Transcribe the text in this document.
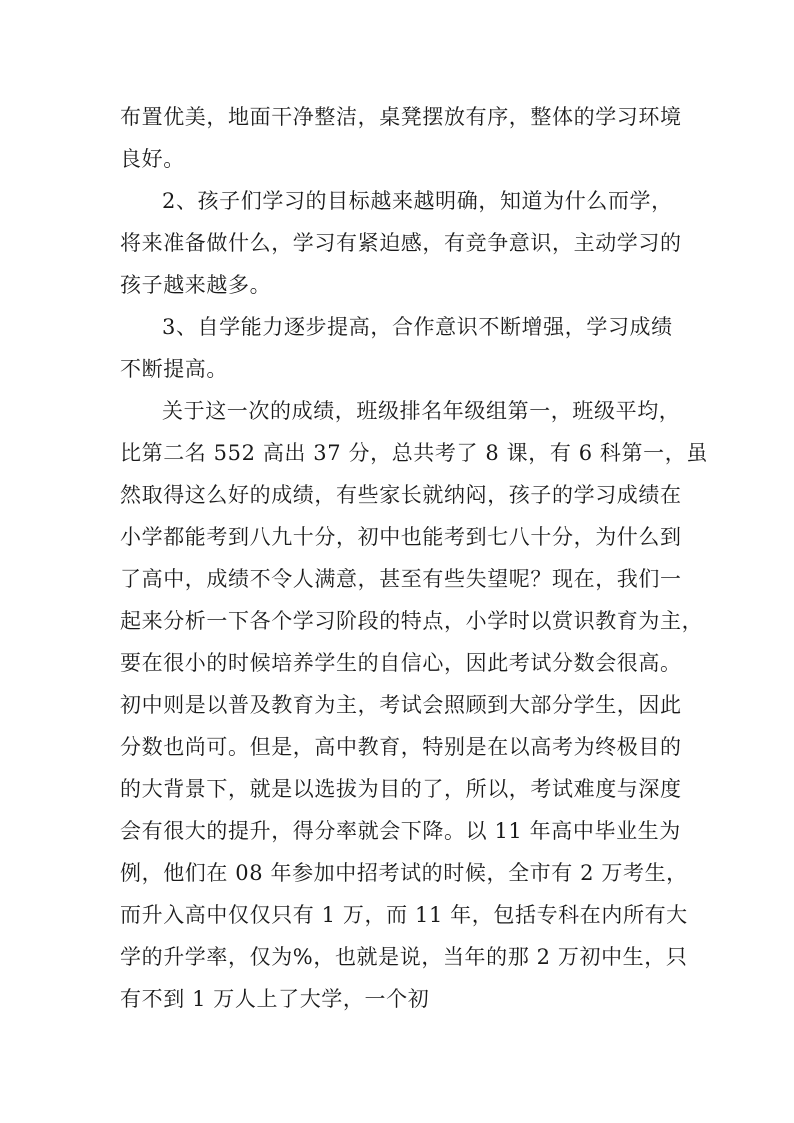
布置优美，地面干净整洁，桌凳摆放有序，整体的学习环境
良好。
2、孩子们学习的目标越来越明确，知道为什么而学，
将来准备做什么，学习有紧迫感，有竞争意识，主动学习的
孩子越来越多。
3、自学能力逐步提高，合作意识不断增强，学习成绩
不断提高。
关于这一次的成绩，班级排名年级组第一，班级平均，
比第二名 552 高出 37 分，总共考了 8 课，有 6 科第一，虽
然取得这么好的成绩，有些家长就纳闷，孩子的学习成绩在
小学都能考到八九十分，初中也能考到七八十分，为什么到
了高中，成绩不令人满意，甚至有些失望呢？现在，我们一
起来分析一下各个学习阶段的特点，小学时以赏识教育为主，
要在很小的时候培养学生的自信心，因此考试分数会很高。
初中则是以普及教育为主，考试会照顾到大部分学生，因此
分数也尚可。但是，高中教育，特别是在以高考为终极目的
的大背景下，就是以选拔为目的了，所以，考试难度与深度
会有很大的提升，得分率就会下降。以 11 年高中毕业生为
例，他们在 08 年参加中招考试的时候，全市有 2 万考生，
而升入高中仅仅只有 1 万，而 11 年，包括专科在内所有大
学的升学率，仅为%，也就是说，当年的那 2 万初中生，只
有不到 1 万人上了大学，一个初
